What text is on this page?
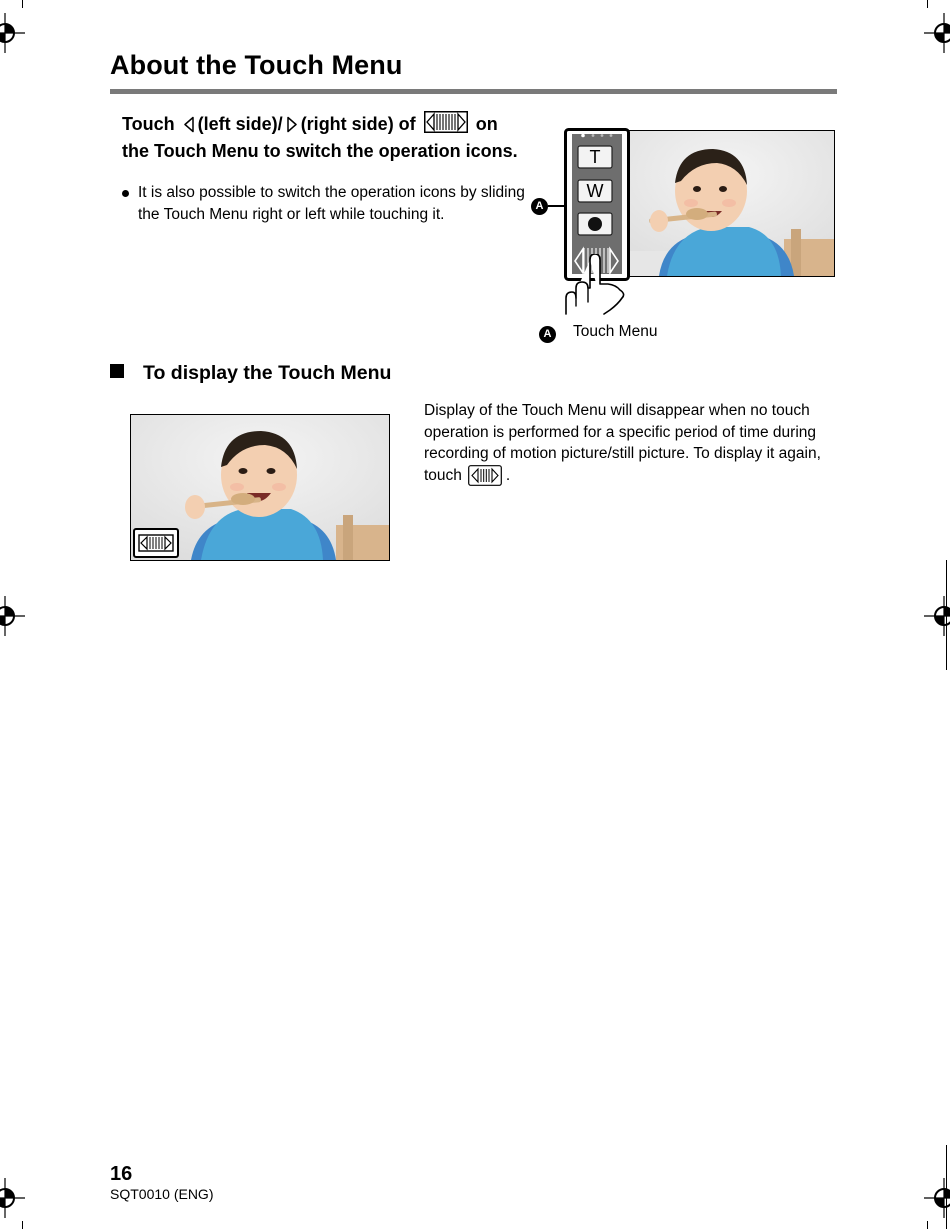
About the Touch Menu
Touch (left side)/ (right side) of	on the Touch Menu to switch the operation icons.
It is also possible to switch the operation icons by sliding the Touch Menu right or left while touching it.
T
W
A
A Touch Menu
To display the Touch Menu
Display of the Touch Menu will disappear when no touch operation is performed for a specific period of time during recording of motion picture/still picture. To display it again, touch	.
16
SQT0010 (ENG)
